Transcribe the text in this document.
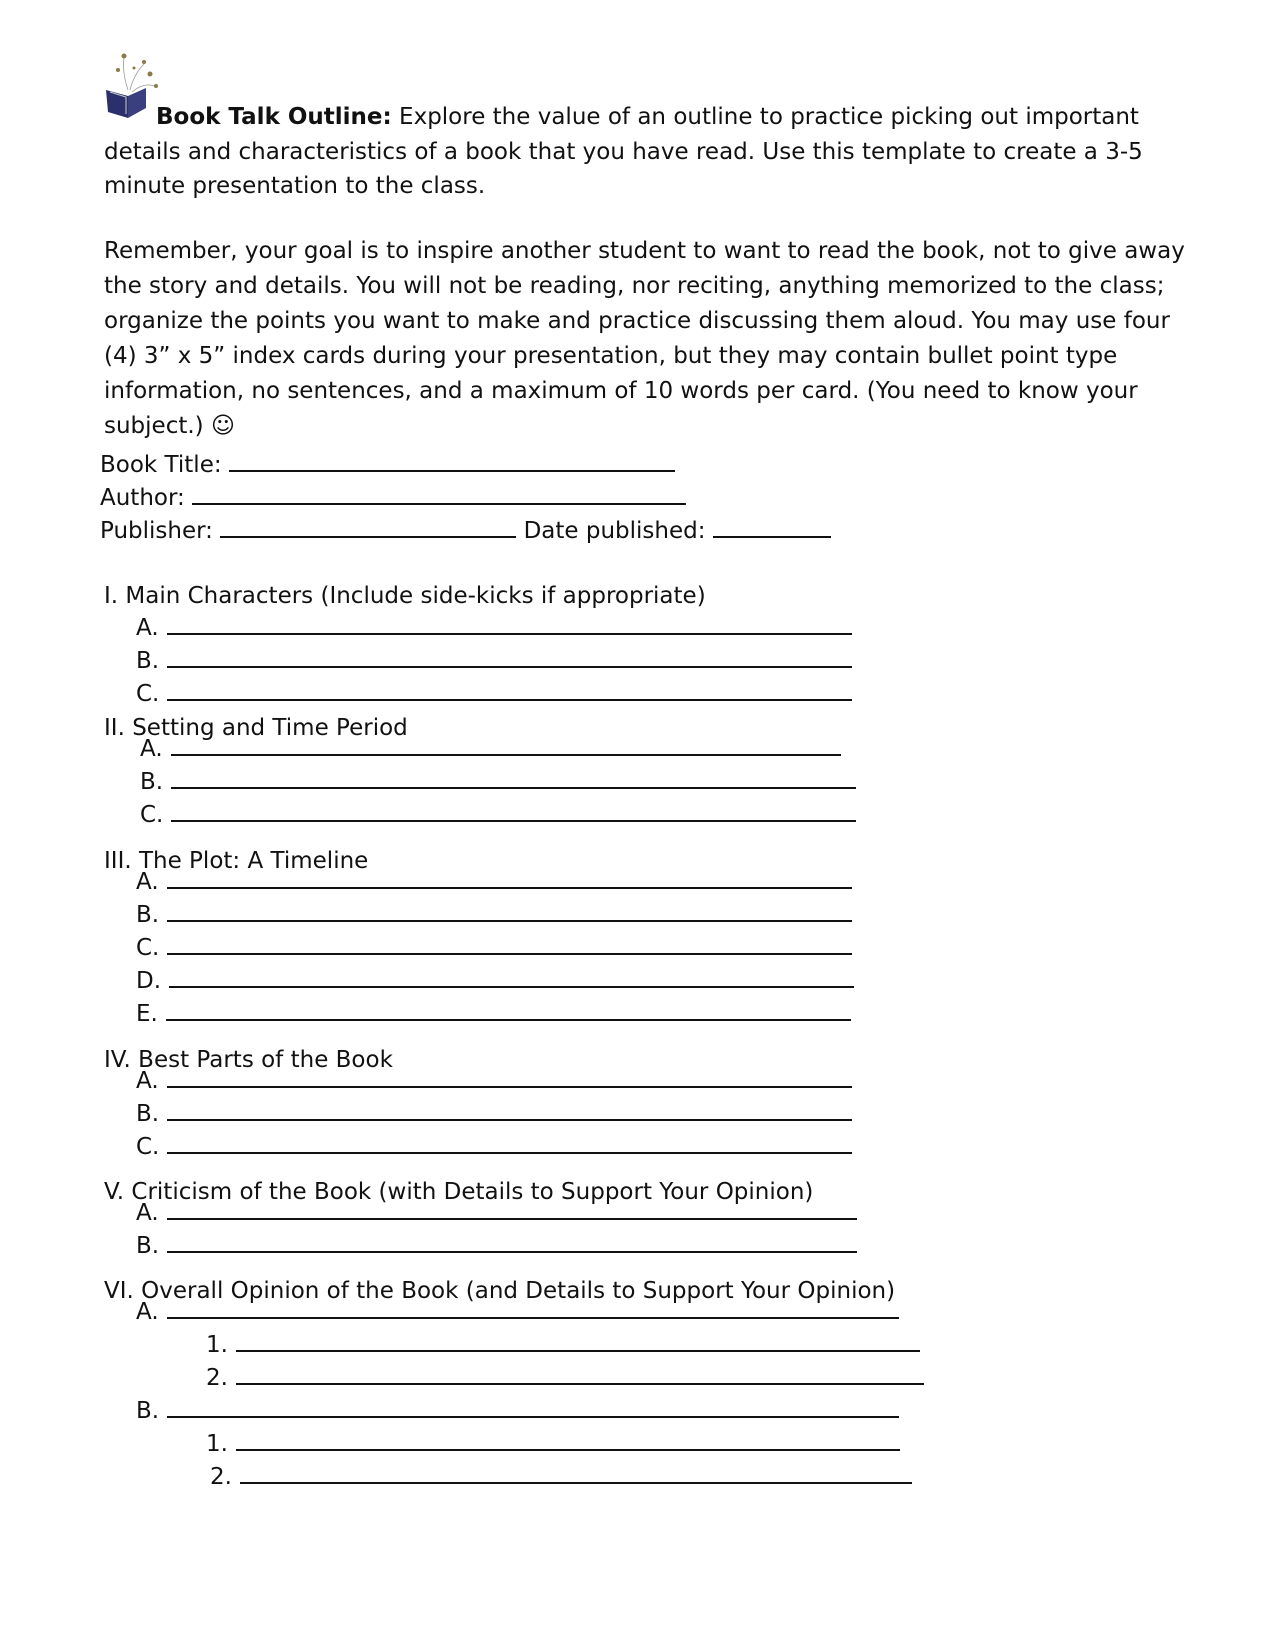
Book Talk Outline: Explore the value of an outline to practice picking out important details and characteristics of a book that you have read. Use this template to create a 3-5 minute presentation to the class.
Remember, your goal is to inspire another student to want to read the book, not to give away the story and details. You will not be reading, nor reciting, anything memorized to the class; organize the points you want to make and practice discussing them aloud. You may use four (4) 3” x 5” index cards during your presentation, but they may contain bullet point type information, no sentences, and a maximum of 10 words per card. (You need to know your subject.) ☺
Book Title:
Author:
Publisher:	Date published:
I. Main Characters (Include side-kicks if appropriate)
A.
B.
C.
II. Setting and Time Period
A.
B.
C.
III. The Plot: A Timeline
A.
B.
C.
D.
E.
IV. Best Parts of the Book
A.
B.
C.
V. Criticism of the Book (with Details to Support Your Opinion)
A.
B.
VI. Overall Opinion of the Book (and Details to Support Your Opinion)
A.
1.
2.
B.
1.
2.
